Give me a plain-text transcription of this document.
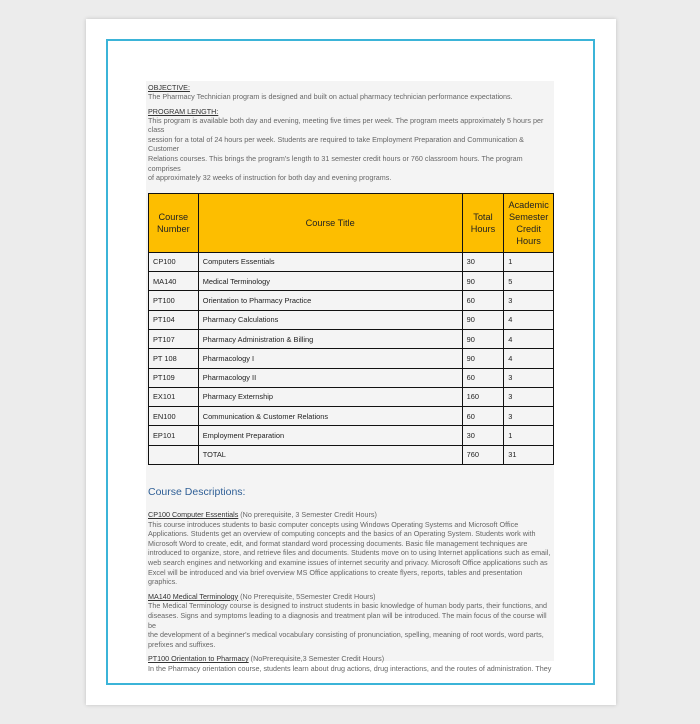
OBJECTIVE:

The Pharmacy Technician program is designed and built on actual pharmacy technician performance expectations.

PROGRAM LENGTH:

This program is available both day and evening, meeting five times per week. The program meets approximately 5 hours per class

session for a total of 24 hours per week. Students are required to take Employment Preparation and Communication & Customer

Relations courses. This brings the program's length to 31 semester credit hours or 760 classroom hours. The program comprises

of approximately 32 weeks of instruction for both day and evening programs.

Course Number	Course Title	Total Hours	Academic Semester Credit Hours
CP100	Computers Essentials	30	1
MA140	Medical Terminology	90	5
PT100	Orientation to Pharmacy Practice	60	3
PT104	Pharmacy Calculations	90	4
PT107	Pharmacy Administration & Billing	90	4
PT 108	Pharmacology I	90	4
PT109	Pharmacology II	60	3
EX101	Pharmacy Externship	160	3
EN100	Communication & Customer Relations	60	3
EP101	Employment Preparation	30	1
	TOTAL	760	31
Course Descriptions:
CP100 Computer Essentials (No prerequisite, 3 Semester Credit Hours)
This course introduces students to basic computer concepts using Windows Operating Systems and Microsoft Office
Applications. Students get an overview of computing concepts and the basics of an Operating System. Students work with
Microsoft Word to create, edit, and format standard word processing documents. Basic file management techniques are
introduced to organize, store, and retrieve files and documents. Students move on to using Internet applications such as email,
web search engines and networking and examine issues of internet security and privacy. Microsoft Office applications such as
Excel will be introduced and via brief overview MS Office applications to create flyers, reports, tables and presentation graphics.
MA140 Medical Terminology (No Prerequisite, 5Semester Credit Hours)
The Medical Terminology course is designed to instruct students in basic knowledge of human body parts, their functions, and
diseases. Signs and symptoms leading to a diagnosis and treatment plan will be introduced. The main focus of the course will be
the development of a beginner's medical vocabulary consisting of pronunciation, spelling, meaning of root words, word parts,
prefixes and suffixes.
PT100 Orientation to Pharmacy (NoPrerequisite,3 Semester Credit Hours)
In the Pharmacy orientation course, students learn about drug actions, drug interactions, and the routes of administration. They
